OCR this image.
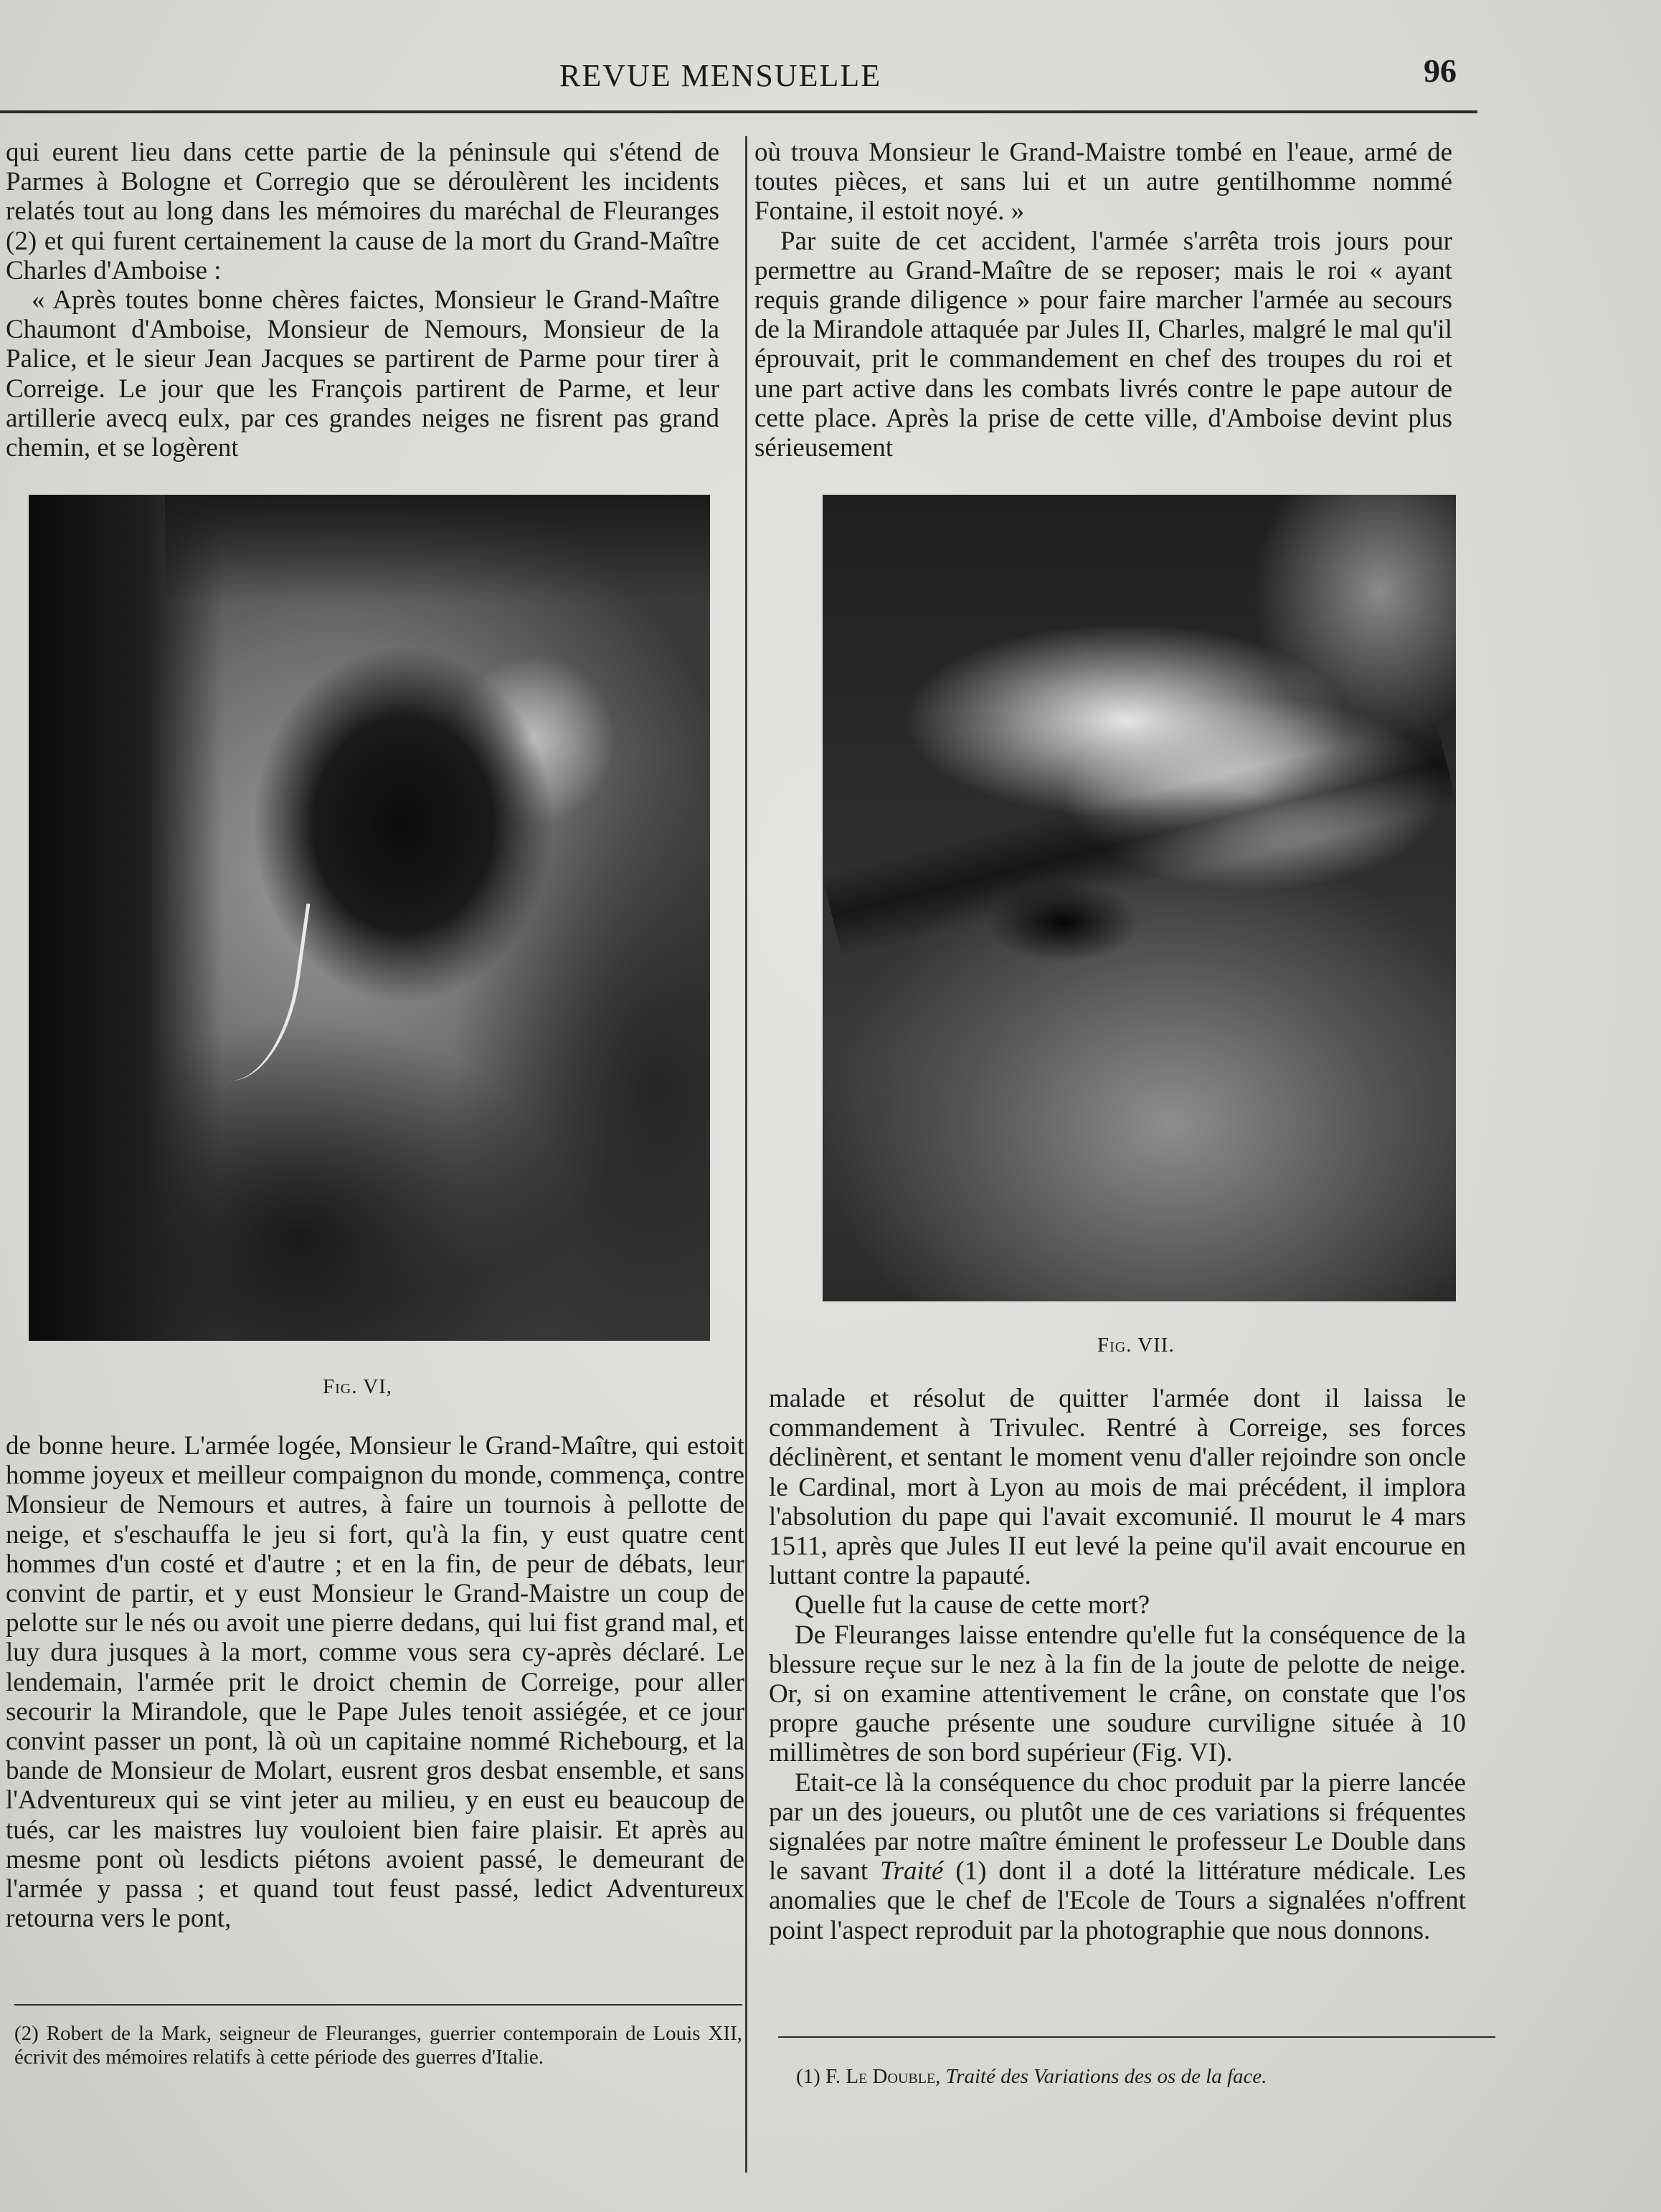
REVUE MENSUELLE	96

qui eurent lieu dans cette partie de la péninsule qui s'étend de Parmes à Bologne et Corregio que se déroulèrent les incidents relatés tout au long dans les mémoires du maréchal de Fleuranges (2) et qui furent certainement la cause de la mort du Grand-Maître Charles d'Amboise :

« Après toutes bonne chères faictes, Monsieur le Grand-Maître Chaumont d'Amboise, Monsieur de Nemours, Monsieur de la Palice, et le sieur Jean Jacques se partirent de Parme pour tirer à Correige. Le jour que les François partirent de Parme, et leur artillerie avecq eulx, par ces grandes neiges ne fisrent pas grand chemin, et se logèrent

où trouva Monsieur le Grand-Maistre tombé en l'eaue, armé de toutes pièces, et sans lui et un autre gentilhomme nommé Fontaine, il estoit noyé. »

Par suite de cet accident, l'armée s'arrêta trois jours pour permettre au Grand-Maître de se reposer; mais le roi « ayant requis grande diligence » pour faire marcher l'armée au secours de la Mirandole attaquée par Jules II, Charles, malgré le mal qu'il éprouvait, prit le commandement en chef des troupes du roi et une part active dans les combats livrés contre le pape autour de cette place. Après la prise de cette ville, d'Amboise devint plus sérieusement

Fig. VI,
Fig. VII.

de bonne heure. L'armée logée, Monsieur le Grand-Maître, qui estoit homme joyeux et meilleur compaignon du monde, commença, contre Monsieur de Nemours et autres, à faire un tournois à pellotte de neige, et s'eschauffa le jeu si fort, qu'à la fin, y eust quatre cent hommes d'un costé et d'autre ; et en la fin, de peur de débats, leur convint de partir, et y eust Monsieur le Grand-Maistre un coup de pelotte sur le nés ou avoit une pierre dedans, qui lui fist grand mal, et luy dura jusques à la mort, comme vous sera cy-après déclaré. Le lendemain, l'armée prit le droict chemin de Correige, pour aller secourir la Mirandole, que le Pape Jules tenoit assiégée, et ce jour convint passer un pont, là où un capitaine nommé Richebourg, et la bande de Monsieur de Molart, eusrent gros desbat ensemble, et sans l'Adventureux qui se vint jeter au milieu, y en eust eu beaucoup de tués, car les maistres luy vouloient bien faire plaisir. Et après au mesme pont où lesdicts piétons avoient passé, le demeurant de l'armée y passa ; et quand tout feust passé, ledict Adventureux retourna vers le pont,

malade et résolut de quitter l'armée dont il laissa le commandement à Trivulec. Rentré à Correige, ses forces déclinèrent, et sentant le moment venu d'aller rejoindre son oncle le Cardinal, mort à Lyon au mois de mai précédent, il implora l'absolution du pape qui l'avait excomunié. Il mourut le 4 mars 1511, après que Jules II eut levé la peine qu'il avait encourue en luttant contre la papauté.

Quelle fut la cause de cette mort?

De Fleuranges laisse entendre qu'elle fut la conséquence de la blessure reçue sur le nez à la fin de la joute de pelotte de neige. Or, si on examine attentivement le crâne, on constate que l'os propre gauche présente une soudure curviligne située à 10 millimètres de son bord supérieur (Fig. VI).

Etait-ce là la conséquence du choc produit par la pierre lancée par un des joueurs, ou plutôt une de ces variations si fréquentes signalées par notre maître éminent le professeur Le Double dans le savant Traité (1) dont il a doté la littérature médicale. Les anomalies que le chef de l'Ecole de Tours a signalées n'offrent point l'aspect reproduit par la photographie que nous donnons.

(2) Robert de la Mark, seigneur de Fleuranges, guerrier contemporain de Louis XII, écrivit des mémoires relatifs à cette période des guerres d'Italie.

(1) F. Le Double, Traité des Variations des os de la face.
